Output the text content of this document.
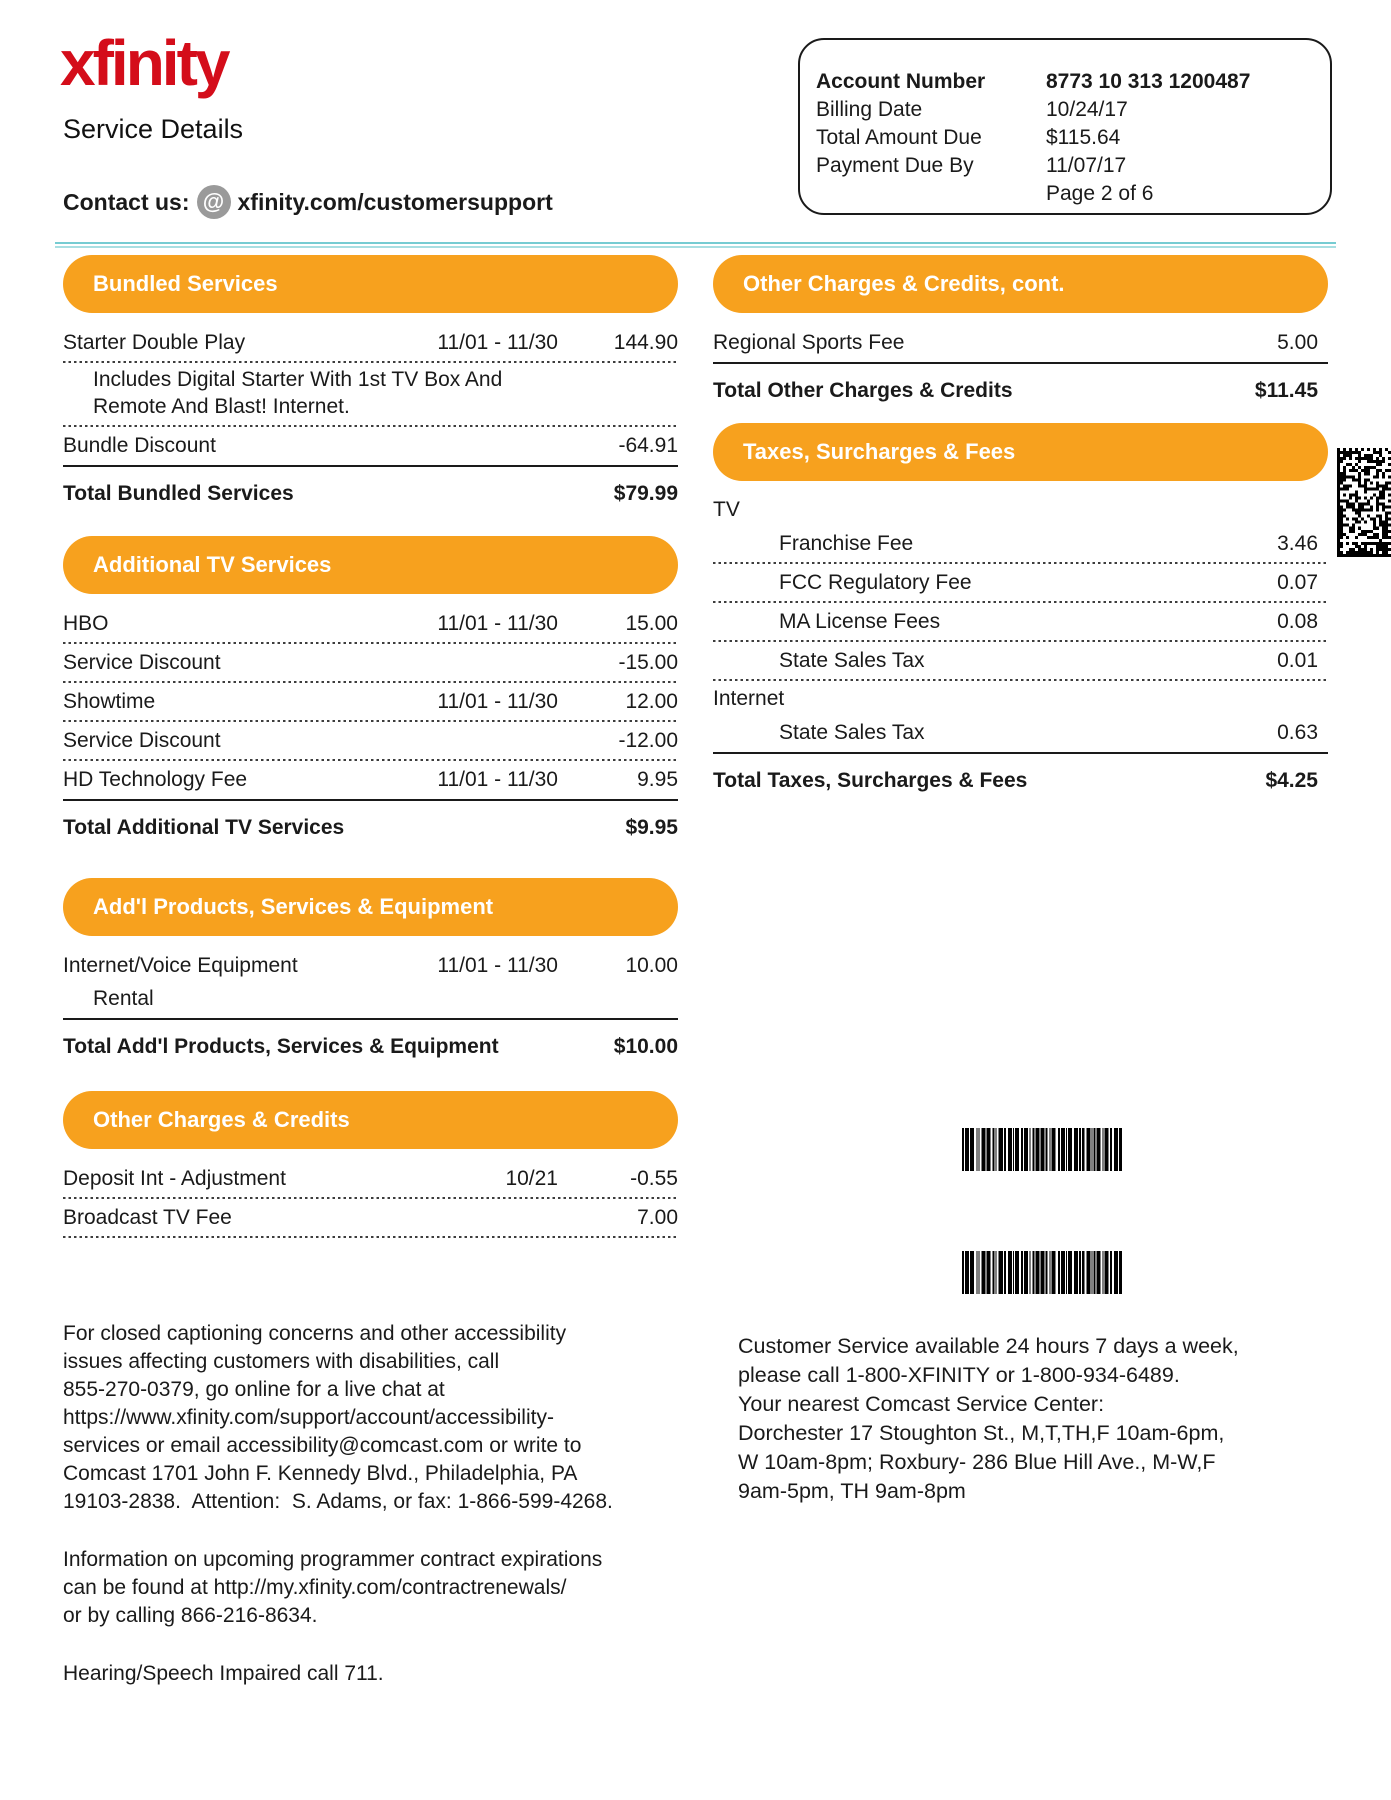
xfinity
Service Details
Contact us: @ xfinity.com/customersupport
Account Number	8773 10 313 1200487
Billing Date	10/24/17
Total Amount Due	$115.64
Payment Due By	11/07/17
Page 2 of 6
Bundled Services
Starter Double Play	11/01 - 11/30	144.90
Includes Digital Starter With 1st TV Box And
Remote And Blast! Internet.
Bundle Discount	-64.91
Total Bundled Services	$79.99
Additional TV Services
HBO	11/01 - 11/30	15.00
Service Discount	-15.00
Showtime	11/01 - 11/30	12.00
Service Discount	-12.00
HD Technology Fee	11/01 - 11/30	9.95
Total Additional TV Services	$9.95
Add'l Products, Services & Equipment
Internet/Voice Equipment	11/01 - 11/30	10.00
Rental
Total Add'l Products, Services & Equipment	$10.00
Other Charges & Credits
Deposit Int - Adjustment	10/21	-0.55
Broadcast TV Fee	7.00
For closed captioning concerns and other accessibility
issues affecting customers with disabilities, call
855-270-0379, go online for a live chat at
https://www.xfinity.com/support/account/accessibility-
services or email accessibility@comcast.com or write to
Comcast 1701 John F. Kennedy Blvd., Philadelphia, PA
19103-2838.  Attention:  S. Adams, or fax: 1-866-599-4268.
Information on upcoming programmer contract expirations
can be found at http://my.xfinity.com/contractrenewals/
or by calling 866-216-8634.
Hearing/Speech Impaired call 711.
Other Charges & Credits, cont.
Regional Sports Fee	5.00
Total Other Charges & Credits	$11.45
Taxes, Surcharges & Fees
TV
Franchise Fee	3.46
FCC Regulatory Fee	0.07
MA License Fees	0.08
State Sales Tax	0.01
Internet
State Sales Tax	0.63
Total Taxes, Surcharges & Fees	$4.25
Customer Service available 24 hours 7 days a week,
please call 1-800-XFINITY or 1-800-934-6489.
Your nearest Comcast Service Center:
Dorchester 17 Stoughton St., M,T,TH,F 10am-6pm,
W 10am-8pm; Roxbury- 286 Blue Hill Ave., M-W,F
9am-5pm, TH 9am-8pm
